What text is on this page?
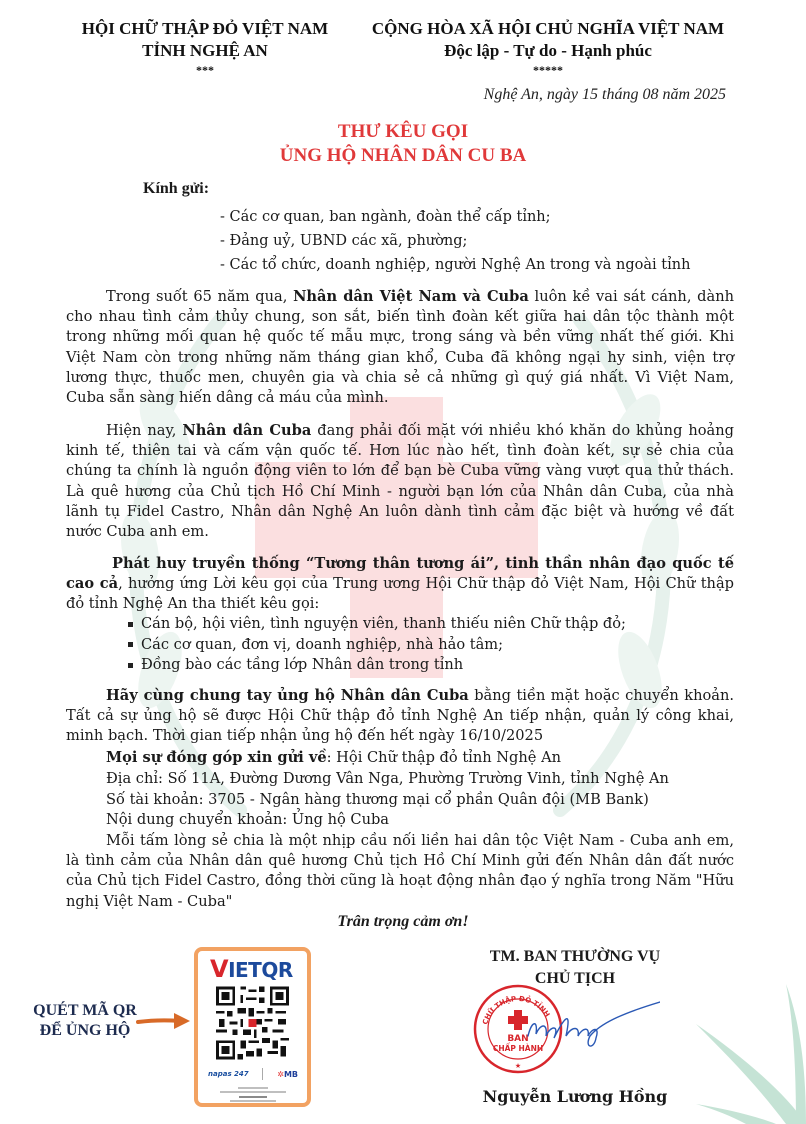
HỘI CHỮ THẬP ĐỎ VIỆT NAM
TỈNH NGHỆ AN
***
CỘNG HÒA XÃ HỘI CHỦ NGHĨA VIỆT NAM
Độc lập - Tự do - Hạnh phúc
*****
Nghệ An, ngày 15 tháng 08 năm 2025
THƯ KÊU GỌI
ỦNG HỘ NHÂN DÂN CU BA
Kính gửi:
- Các cơ quan, ban ngành, đoàn thể cấp tỉnh;
- Đảng uỷ, UBND các xã, phường;
- Các tổ chức, doanh nghiệp, người Nghệ An trong và ngoài tỉnh

Trong suốt 65 năm qua, Nhân dân Việt Nam và Cuba luôn kề vai sát cánh, dành cho nhau tình cảm thủy chung, son sắt, biến tình đoàn kết giữa hai dân tộc thành một trong những mối quan hệ quốc tế mẫu mực, trong sáng và bền vững nhất thế giới. Khi Việt Nam còn trong những năm tháng gian khổ, Cuba đã không ngại hy sinh, viện trợ lương thực, thuốc men, chuyên gia và chia sẻ cả những gì quý giá nhất. Vì Việt Nam, Cuba sẵn sàng hiến dâng cả máu của mình.

Hiện nay, Nhân dân Cuba đang phải đối mặt với nhiều khó khăn do khủng hoảng kinh tế, thiên tai và cấm vận quốc tế. Hơn lúc nào hết, tình đoàn kết, sự sẻ chia của chúng ta chính là nguồn động viên to lớn để bạn bè Cuba vững vàng vượt qua thử thách. Là quê hương của Chủ tịch Hồ Chí Minh - người bạn lớn của Nhân dân Cuba, của nhà lãnh tụ Fidel Castro, Nhân dân Nghệ An luôn dành tình cảm đặc biệt và hướng về đất nước Cuba anh em.

Phát huy truyền thống “Tương thân tương ái”, tinh thần nhân đạo quốc tế cao cả, hưởng ứng Lời kêu gọi của Trung ương Hội Chữ thập đỏ Việt Nam, Hội Chữ thập đỏ tỉnh Nghệ An tha thiết kêu gọi:

Cán bộ, hội viên, tình nguyện viên, thanh thiếu niên Chữ thập đỏ;
Các cơ quan, đơn vị, doanh nghiệp, nhà hảo tâm;
Đồng bào các tầng lớp Nhân dân trong tỉnh

Hãy cùng chung tay ủng hộ Nhân dân Cuba bằng tiền mặt hoặc chuyển khoản. Tất cả sự ủng hộ sẽ được Hội Chữ thập đỏ tỉnh Nghệ An tiếp nhận, quản lý công khai, minh bạch. Thời gian tiếp nhận ủng hộ đến hết ngày 16/10/2025

Mọi sự đóng góp xin gửi về: Hội Chữ thập đỏ tỉnh Nghệ An
Địa chỉ: Số 11A, Đường Dương Vân Nga, Phường Trường Vinh, tỉnh Nghệ An
Số tài khoản: 3705 - Ngân hàng thương mại cổ phần Quân đội (MB Bank)
Nội dung chuyển khoản: Ủng hộ Cuba

Mỗi tấm lòng sẻ chia là một nhịp cầu nối liền hai dân tộc Việt Nam - Cuba anh em, là tình cảm của Nhân dân quê hương Chủ tịch Hồ Chí Minh gửi đến Nhân dân đất nước của Chủ tịch Fidel Castro, đồng thời cũng là hoạt động nhân đạo ý nghĩa trong Năm "Hữu nghị Việt Nam - Cuba"

Trân trọng cảm ơn!
QUÉT MÃ QR
ĐỂ ỦNG HỘ
VIETQR
napas 247	✲MB
TM. BAN THƯỜNG VỤ
CHỦ TỊCH
CHỮ THẬP ĐỎ TỈNH
BAN
CHẤP HÀNH
★
Nguyễn Lương Hồng
